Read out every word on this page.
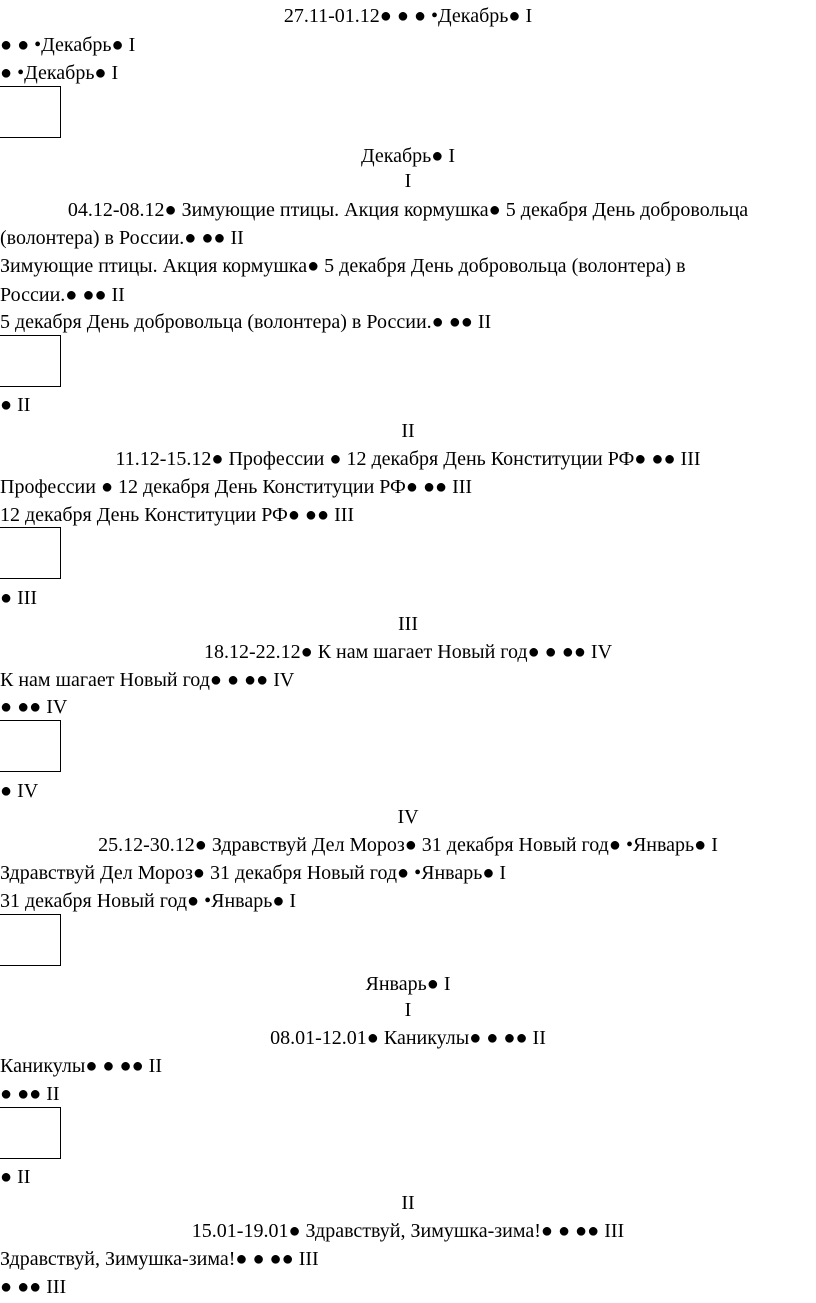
27.11-01.12● ● ● •Декабрь● I
● ● •Декабрь● I
● •Декабрь● I
Декабрь● I
I
04.12-08.12● Зимующие птицы. Акция кормушка● 5 декабря День добровольца
(волонтера) в России.● ●● II
Зимующие птицы. Акция кормушка● 5 декабря День добровольца (волонтера) в
России.● ●● II
5 декабря День добровольца (волонтера) в России.● ●● II
● II
II
11.12-15.12● Профессии ● 12 декабря День Конституции РФ● ●● III
Профессии ● 12 декабря День Конституции РФ● ●● III
12 декабря День Конституции РФ● ●● III
● III
III
18.12-22.12● К нам шагает Новый год● ● ●● IV
К нам шагает Новый год● ● ●● IV
● ●● IV
● IV
IV
25.12-30.12● Здравствуй Дел Мороз● 31 декабря Новый год● •Январь● I
Здравствуй Дел Мороз● 31 декабря Новый год● •Январь● I
31 декабря Новый год● •Январь● I
Январь● I
I
08.01-12.01● Каникулы● ● ●● II
Каникулы● ● ●● II
● ●● II
● II
II
15.01-19.01● Здравствуй, Зимушка-зима!● ● ●● III
Здравствуй, Зимушка-зима!● ● ●● III
● ●● III
